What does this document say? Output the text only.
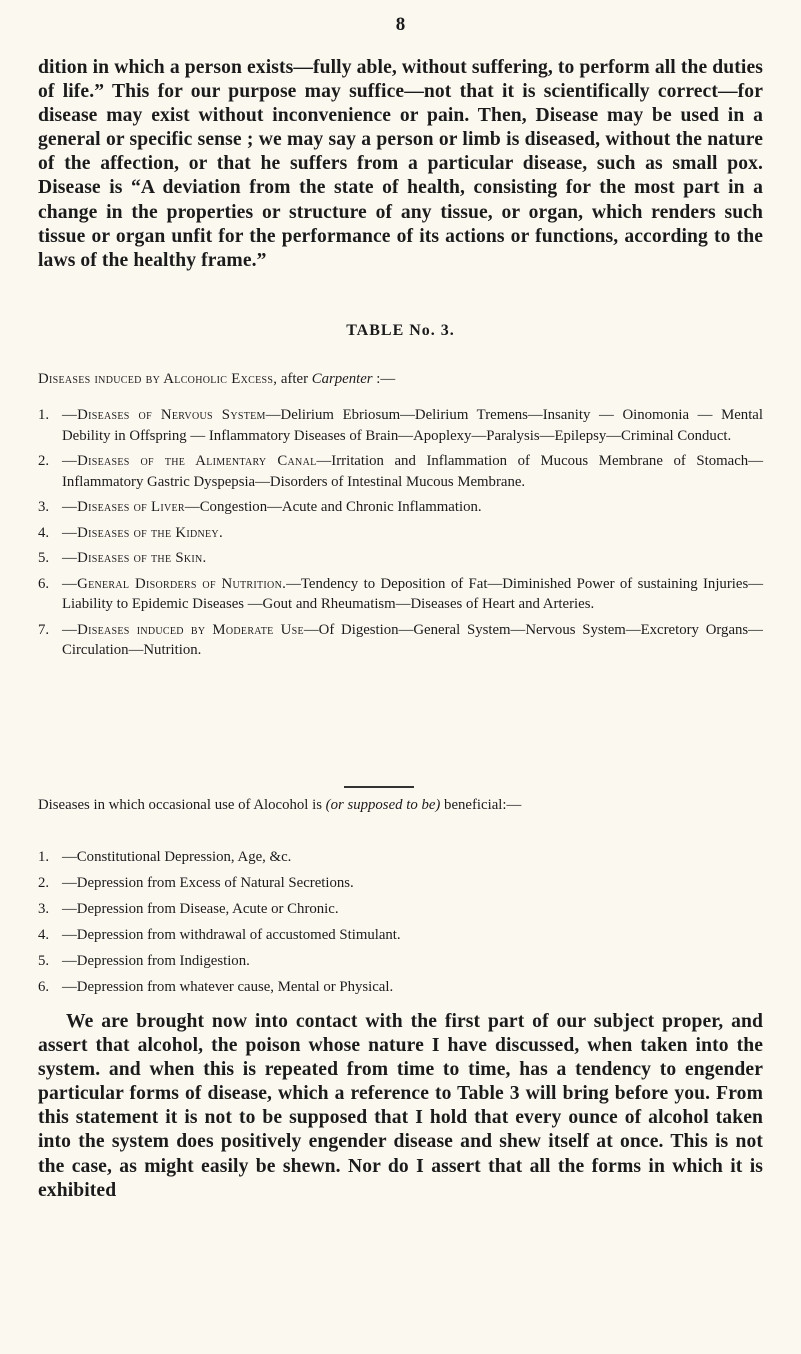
8

dition in which a person exists—fully able, without suffering, to perform all the duties of life.” This for our purpose may suffice—not that it is scientifically correct—for disease may exist without inconvenience or pain. Then, Disease may be used in a general or specific sense ; we may say a person or limb is diseased, without the nature of the affection, or that he suffers from a particular disease, such as small pox. Disease is “A deviation from the state of health, consisting for the most part in a change in the properties or structure of any tissue, or organ, which renders such tissue or organ unfit for the performance of its actions or functions, according to the laws of the healthy frame.”

TABLE No. 3.
Diseases induced by Alcoholic Excess, after Carpenter :—
1. —Diseases of Nervous System—Delirium Ebriosum—Delirium Tremens—Insanity — Oinomonia — Mental Debility in Offspring — Inflammatory Diseases of Brain—Apoplexy—Paralysis—Epilepsy—Criminal Conduct.
2. —Diseases of the Alimentary Canal—Irritation and Inflammation of Mucous Membrane of Stomach—Inflammatory Gastric Dyspepsia—Disorders of Intestinal Mucous Membrane.
3. —Diseases of Liver—Congestion—Acute and Chronic Inflammation.
4. —Diseases of the Kidney.
5. —Diseases of the Skin.
6. —General Disorders of Nutrition.—Tendency to Deposition of Fat—Diminished Power of sustaining Injuries—Liability to Epidemic Diseases —Gout and Rheumatism—Diseases of Heart and Arteries.
7. —Diseases induced by Moderate Use—Of Digestion—General System—Nervous System—Excretory Organs—Circulation—Nutrition.

Diseases in which occasional use of Alocohol is (or supposed to be) beneficial:—

1. —Constitutional Depression, Age, &c.
2. —Depression from Excess of Natural Secretions.
3. —Depression from Disease, Acute or Chronic.
4. —Depression from withdrawal of accustomed Stimulant.
5. —Depression from Indigestion.
6. —Depression from whatever cause, Mental or Physical.

We are brought now into contact with the first part of our subject proper, and assert that alcohol, the poison whose nature I have discussed, when taken into the system. and when this is repeated from time to time, has a tendency to engender particular forms of disease, which a reference to Table 3 will bring before you. From this statement it is not to be supposed that I hold that every ounce of alcohol taken into the system does positively engender disease and shew itself at once. This is not the case, as might easily be shewn. Nor do I assert that all the forms in which it is exhibited
